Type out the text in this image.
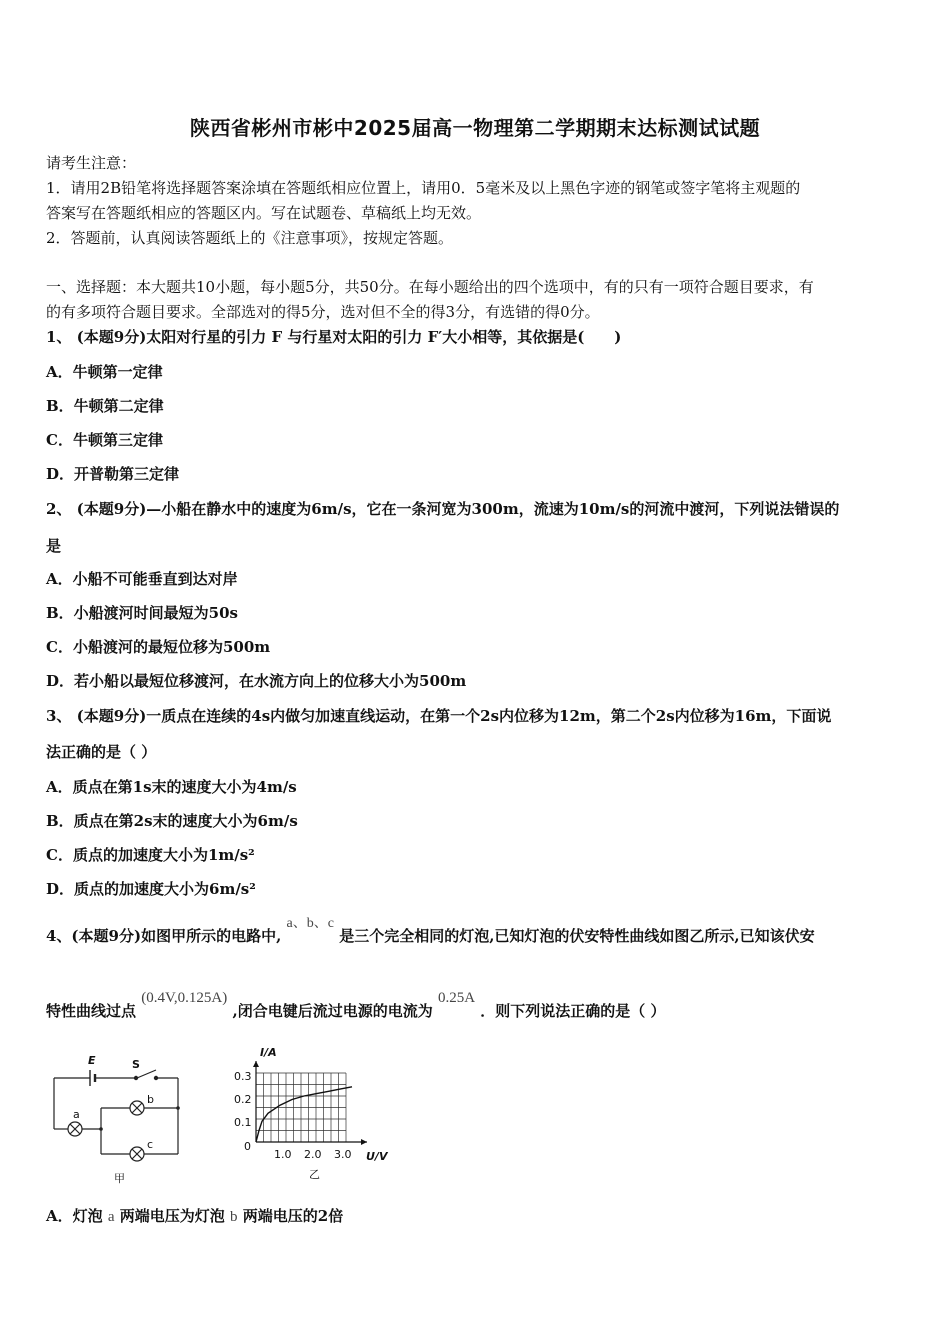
陕西省彬州市彬中2025届高一物理第二学期期末达标测试试题
请考生注意：
1．请用2B铅笔将选择题答案涂填在答题纸相应位置上，请用0．5毫米及以上黑色字迹的钢笔或签字笔将主观题的
答案写在答题纸相应的答题区内。写在试题卷、草稿纸上均无效。
2．答题前，认真阅读答题纸上的《注意事项》，按规定答题。
一、选择题：本大题共10小题，每小题5分，共50分。在每小题给出的四个选项中，有的只有一项符合题目要求，有
的有多项符合题目要求。全部选对的得5分，选对但不全的得3分，有选错的得0分。
1、 (本题9分)太阳对行星的引力 F 与行星对太阳的引力 F′大小相等，其依据是(　　)
A．牛顿第一定律
B．牛顿第二定律
C．牛顿第三定律
D．开普勒第三定律
2、 (本题9分)—小船在静水中的速度为6m/s，它在一条河宽为300m，流速为10m/s的河流中渡河，下列说法错误的
是
A．小船不可能垂直到达对岸
B．小船渡河时间最短为50s
C．小船渡河的最短位移为500m
D．若小船以最短位移渡河，在水流方向上的位移大小为500m
3、 (本题9分)一质点在连续的4s内做匀加速直线运动，在第一个2s内位移为12m，第二个2s内位移为16m，下面说
法正确的是（ ）
A．质点在第1s末的速度大小为4m/s
B．质点在第2s末的速度大小为6m/s
C．质点的加速度大小为1m/s²
D．质点的加速度大小为6m/s²
4、(本题9分)如图甲所示的电路中, a、b、c 是三个完全相同的灯泡,已知灯泡的伏安特性曲线如图乙所示,已知该伏安
特性曲线过点 (0.4V,0.125A) ,闭合电键后流过电源的电流为 0.25A ．则下列说法正确的是（ ）
E	S
a
b
c
甲
I/A
U/V
0
0.3
0.2
0.1
1.0 2.0 3.0
乙
A．灯泡 a 两端电压为灯泡 b 两端电压的2倍
